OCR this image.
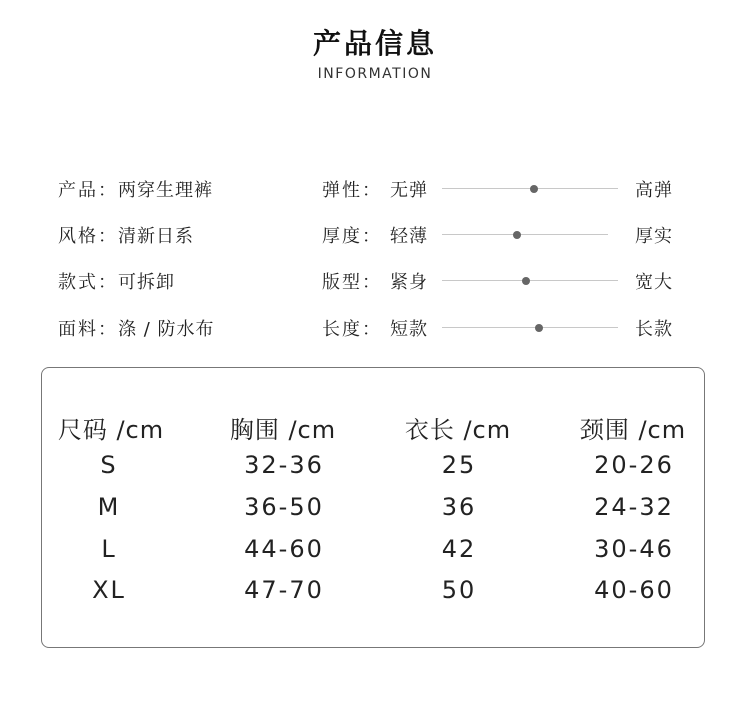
产品信息
INFORMATION
产品：两穿生理裤
风格：清新日系
款式：可拆卸
面料：涤 / 防水布
弹性： 无弹	高弹
厚度： 轻薄	厚实
版型： 紧身	宽大
长度： 短款	长款
尺码 /cm	胸围 /cm	衣长 /cm	颈围 /cm
S	32-36	25	20-26
M	36-50	36	24-32
L	44-60	42	30-46
XL	47-70	50	40-60
